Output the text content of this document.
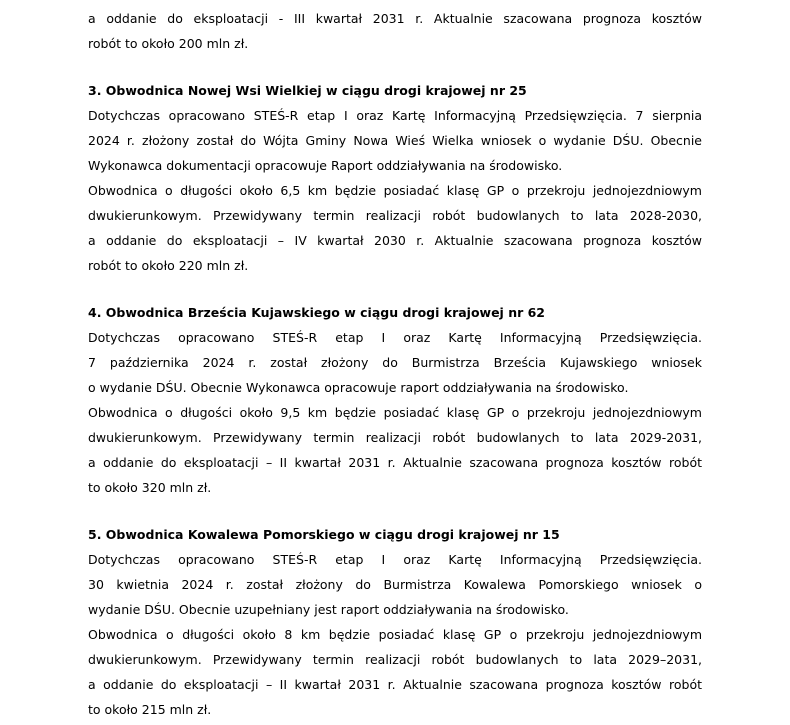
a oddanie do eksploatacji - III kwartał 2031 r. Aktualnie szacowana prognoza kosztów
robót to około 200 mln zł.
3. Obwodnica Nowej Wsi Wielkiej w ciągu drogi krajowej nr 25
Dotychczas opracowano STEŚ-R etap I oraz Kartę Informacyjną Przedsięwzięcia. 7 sierpnia
2024 r. złożony został do Wójta Gminy Nowa Wieś Wielka wniosek o wydanie DŚU. Obecnie
Wykonawca dokumentacji opracowuje Raport oddziaływania na środowisko.
Obwodnica o długości około 6,5 km będzie posiadać klasę GP o przekroju jednojezdniowym
dwukierunkowym. Przewidywany termin realizacji robót budowlanych to lata 2028-2030,
a oddanie do eksploatacji – IV kwartał 2030 r. Aktualnie szacowana prognoza kosztów
robót to około 220 mln zł.
4. Obwodnica Brześcia Kujawskiego w ciągu drogi krajowej nr 62
Dotychczas opracowano STEŚ-R etap I oraz Kartę Informacyjną Przedsięwzięcia.
7 października 2024 r. został złożony do Burmistrza Brześcia Kujawskiego wniosek
o wydanie DŚU. Obecnie Wykonawca opracowuje raport oddziaływania na środowisko.
Obwodnica o długości około 9,5 km będzie posiadać klasę GP o przekroju jednojezdniowym
dwukierunkowym. Przewidywany termin realizacji robót budowlanych to lata 2029-2031,
a oddanie do eksploatacji – II kwartał 2031 r. Aktualnie szacowana prognoza kosztów robót
to około 320 mln zł.
5. Obwodnica Kowalewa Pomorskiego w ciągu drogi krajowej nr 15
Dotychczas opracowano STEŚ-R etap I oraz Kartę Informacyjną Przedsięwzięcia.
30 kwietnia 2024 r. został złożony do Burmistrza Kowalewa Pomorskiego wniosek o
wydanie DŚU. Obecnie uzupełniany jest raport oddziaływania na środowisko.
Obwodnica o długości około 8 km będzie posiadać klasę GP o przekroju jednojezdniowym
dwukierunkowym. Przewidywany termin realizacji robót budowlanych to lata 2029–2031,
a oddanie do eksploatacji – II kwartał 2031 r. Aktualnie szacowana prognoza kosztów robót
to około 215 mln zł.
